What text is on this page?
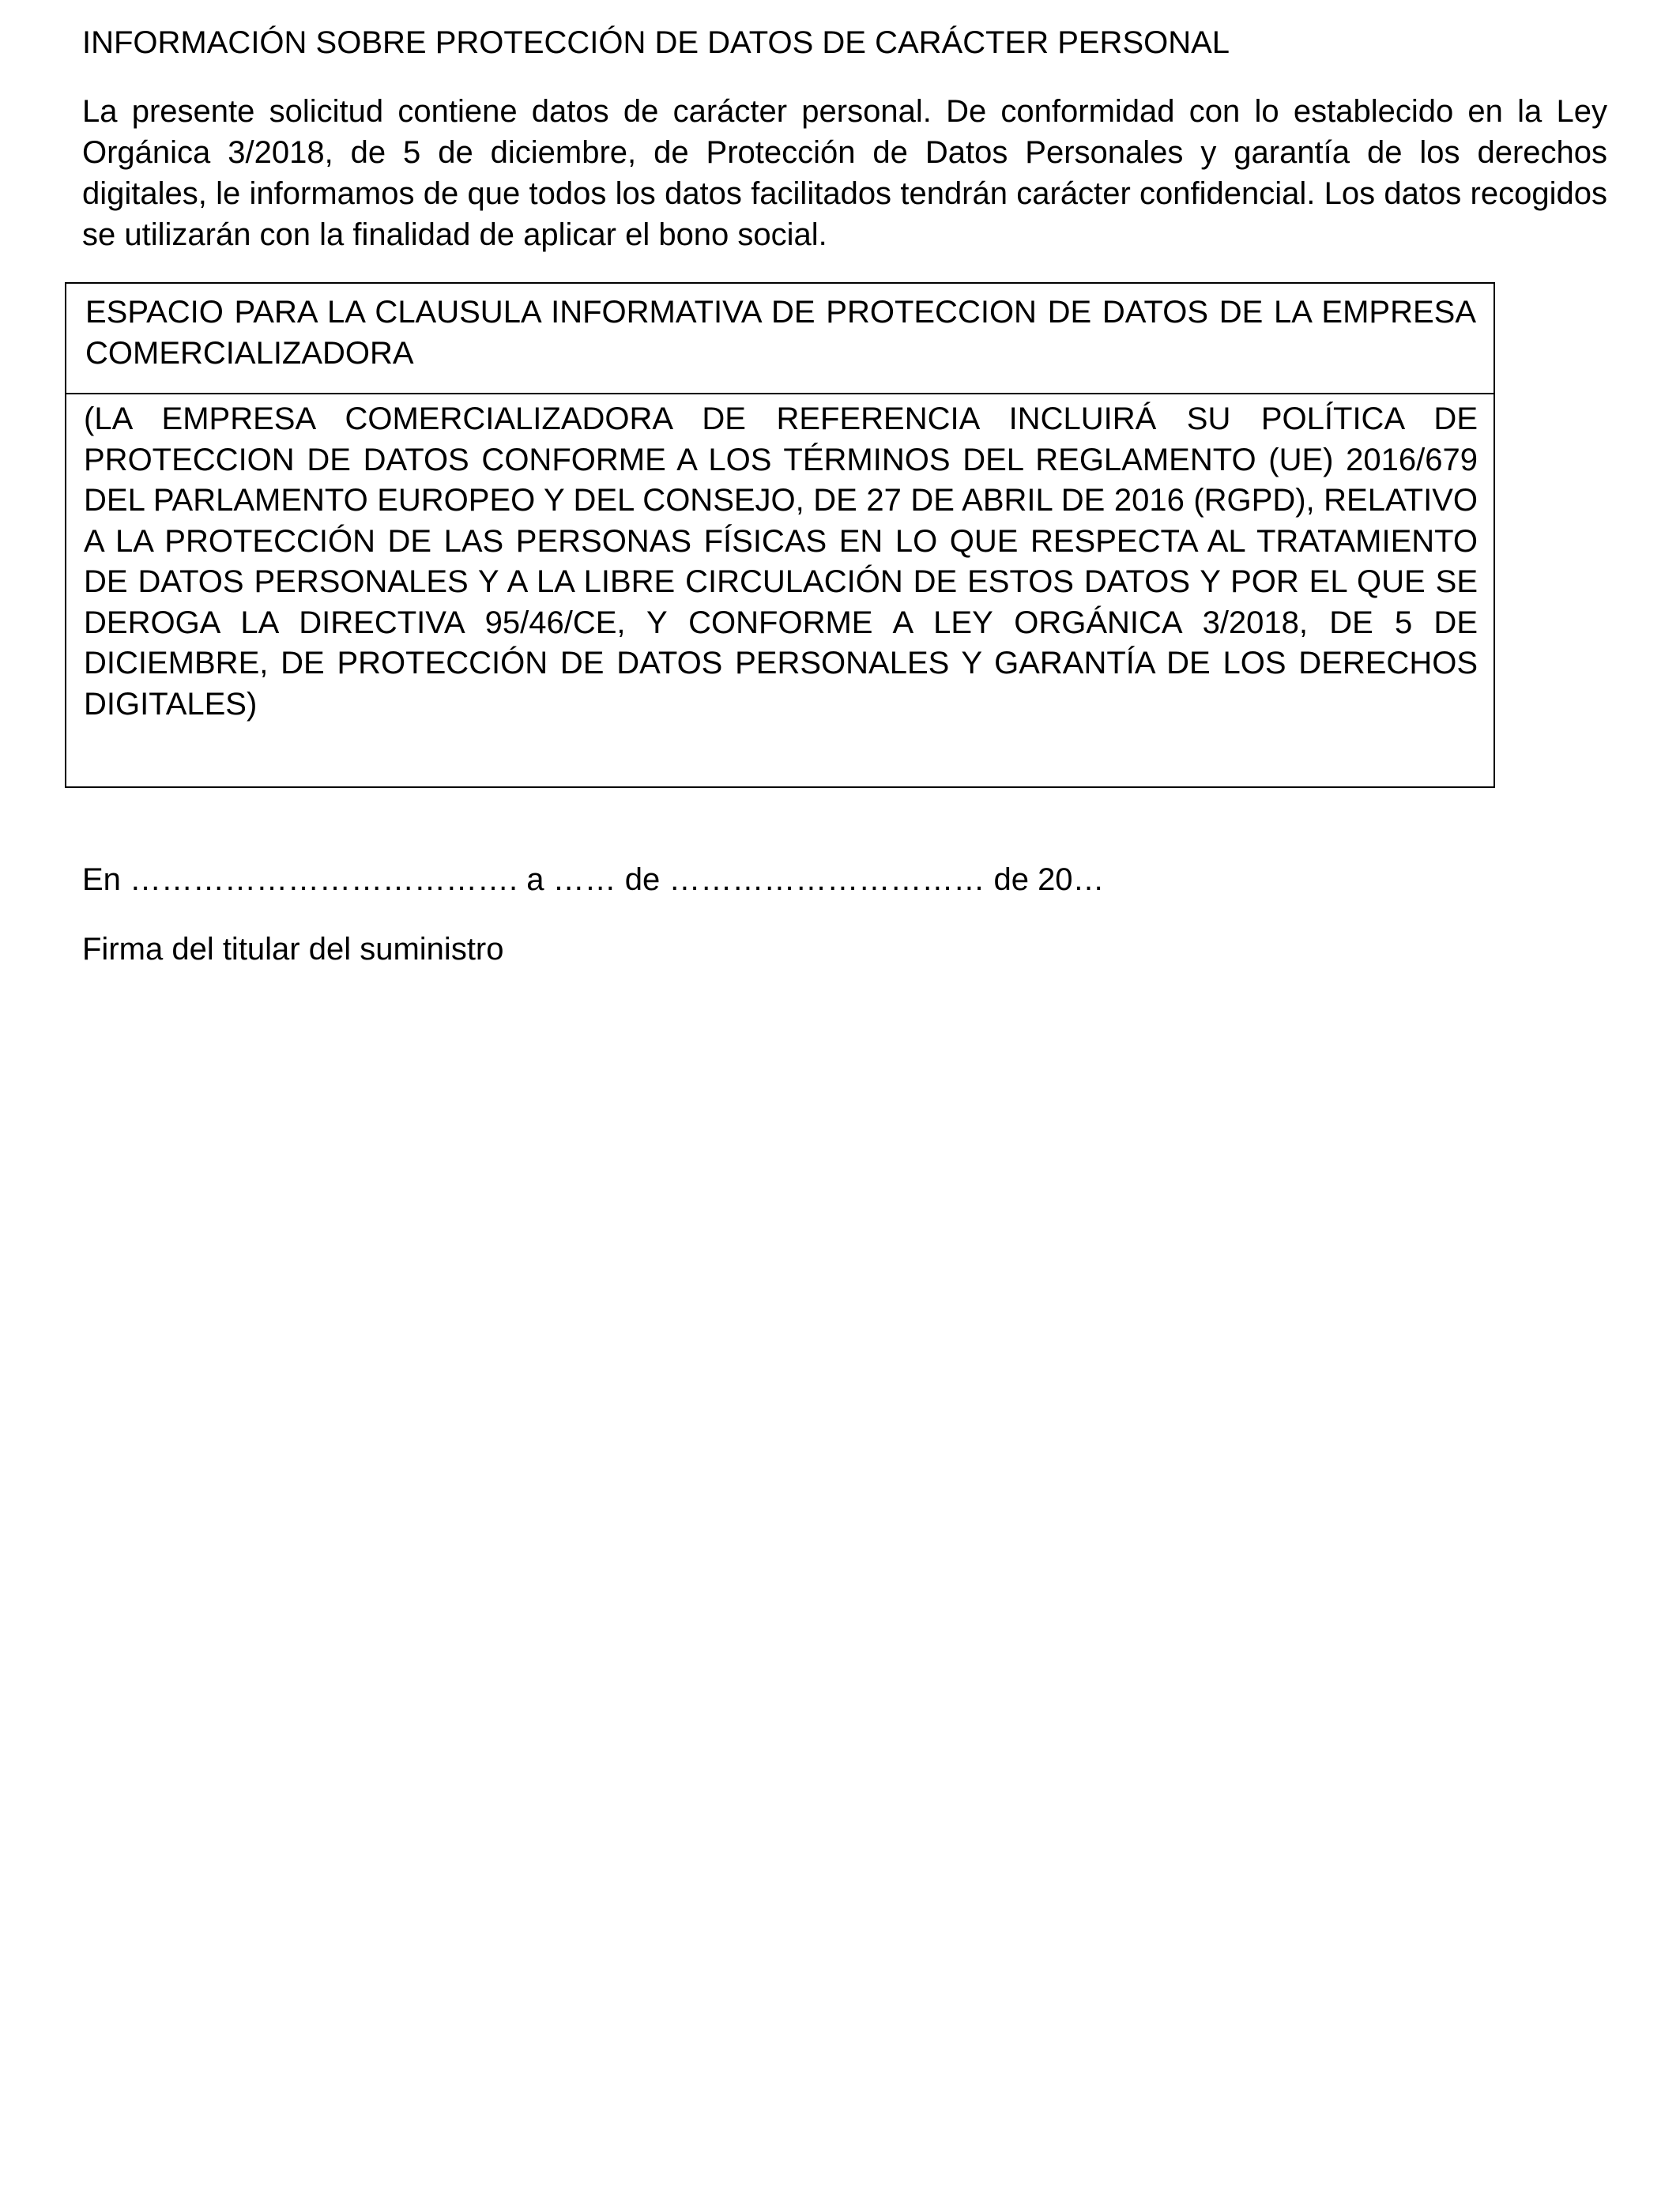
INFORMACIÓN SOBRE PROTECCIÓN DE DATOS DE CARÁCTER PERSONAL

La presente solicitud contiene datos de carácter personal. De conformidad con lo establecido en la Ley Orgánica 3/2018, de 5 de diciembre, de Protección de Datos Personales y garantía de los derechos digitales, le informamos de que todos los datos facilitados tendrán carácter confidencial. Los datos recogidos se utilizarán con la finalidad de aplicar el bono social.

ESPACIO PARA LA CLAUSULA INFORMATIVA DE PROTECCION DE DATOS DE LA EMPRESA COMERCIALIZADORA

(LA EMPRESA COMERCIALIZADORA DE REFERENCIA INCLUIRÁ SU POLÍTICA DE PROTECCION DE DATOS CONFORME A LOS TÉRMINOS DEL REGLAMENTO (UE) 2016/679 DEL PARLAMENTO EUROPEO Y DEL CONSEJO, DE 27 DE ABRIL DE 2016 (RGPD), RELATIVO A LA PROTECCIÓN DE LAS PERSONAS FÍSICAS EN LO QUE RESPECTA AL TRATAMIENTO DE DATOS PERSONALES Y A LA LIBRE CIRCULACIÓN DE ESTOS DATOS Y POR EL QUE SE DEROGA LA DIRECTIVA 95/46/CE, Y CONFORME A LEY ORGÁNICA 3/2018, DE 5 DE DICIEMBRE, DE PROTECCIÓN DE DATOS PERSONALES Y GARANTÍA DE LOS DERECHOS DIGITALES)

En ………………………………. a …… de ………………………… de 20…
Firma del titular del suministro
